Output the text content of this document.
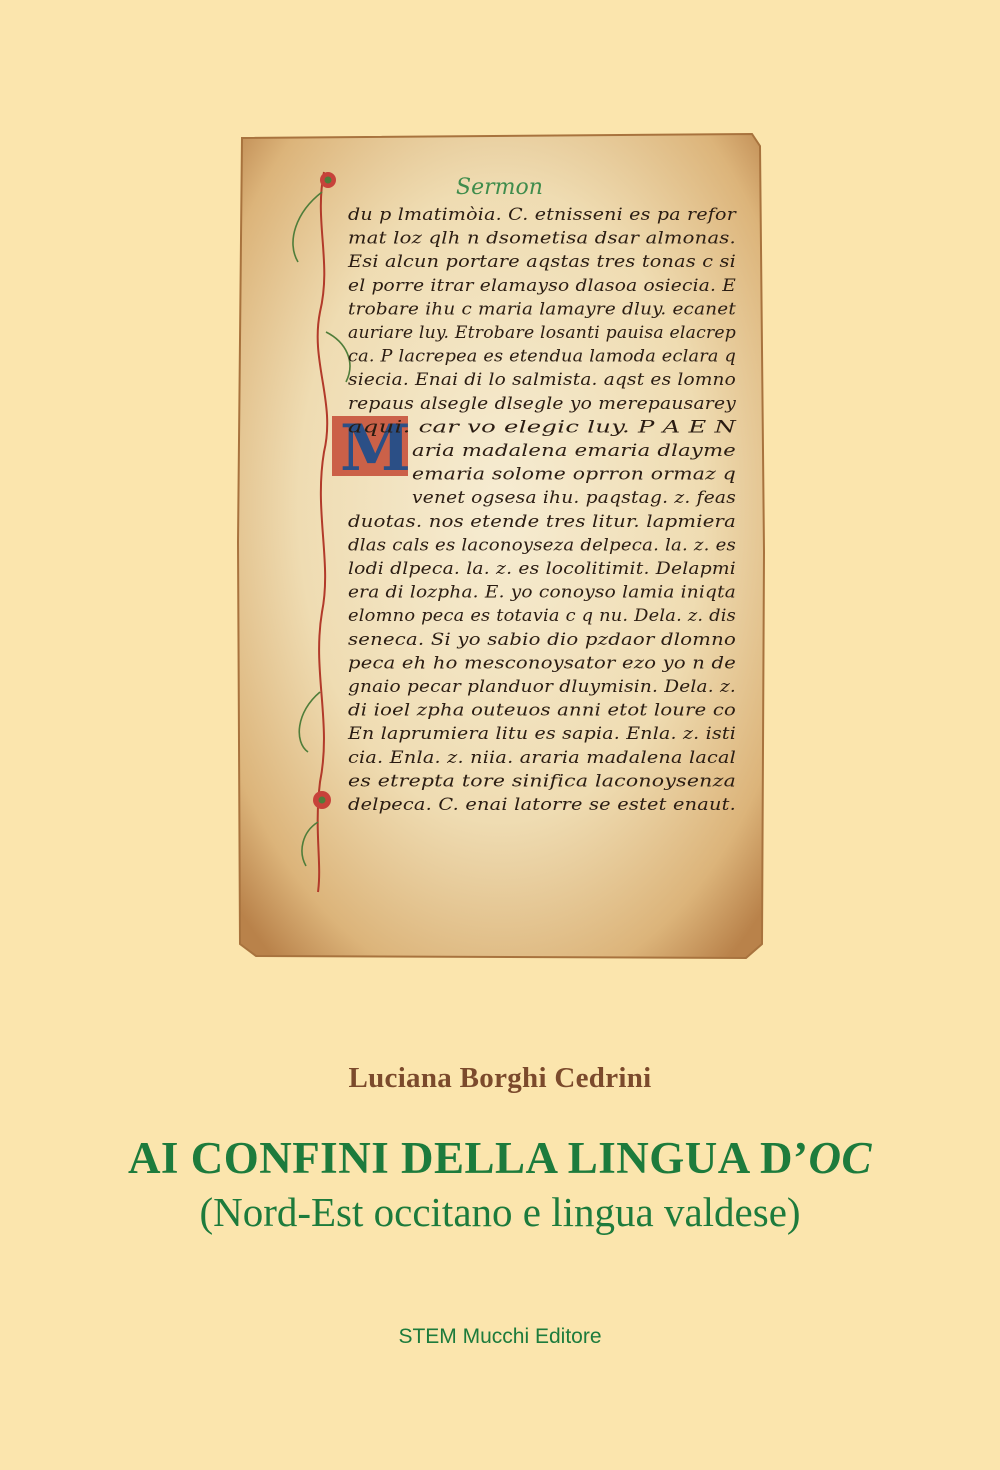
M
Sermon
du p lmatimòia. C. etnisseni es pa refor
mat loz qlh n dsometisa dsar almonas.
Esi alcun portare aqstas tres tonas c si
el porre itrar elamayso dlasoa osiecia. E
trobare ihu c maria lamayre dluy. ecanet
auriare luy. Etrobare losanti pauisa elacrep
ca. P lacrepea es etendua lamoda eclara q
siecia. Enai di lo salmista. aqst es lomno
repaus alsegle dlsegle yo merepausarey
aqui. car vo elegic luy. P A E N
aria madalena emaria dlayme
emaria solome oprron ormaz q
venet ogsesa ihu. paqstag. z. feas
duotas. nos etende tres litur. lapmiera
dlas cals es laconoyseza delpeca. la. z. es
lodi dlpeca. la. z. es locolitimit. Delapmi
era di lozpha. E. yo conoyso lamia iniqta
elomno peca es totavia c q nu. Dela. z. dis
seneca. Si yo sabio dio pzdaor dlomno
peca eh ho mesconoysator ezo yo n de
gnaio pecar planduor dluymisin. Dela. z.
di ioel zpha outeuos anni etot loure co
En laprumiera litu es sapia. Enla. z. isti
cia. Enla. z. niia. araria madalena lacal
es etrepta tore sinifica laconoysenza
delpeca. C. enai latorre se estet enaut.
Luciana Borghi Cedrini
AI CONFINI DELLA LINGUA D’OC
(Nord-Est occitano e lingua valdese)
STEM Mucchi Editore
